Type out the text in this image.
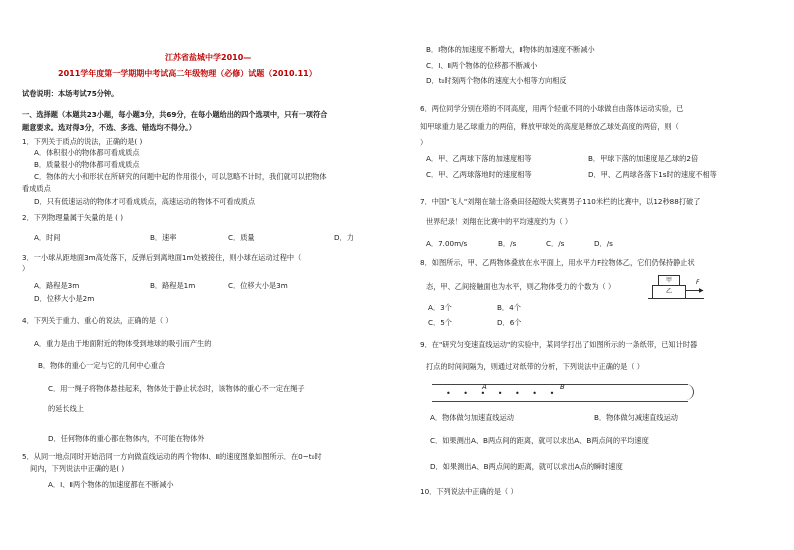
江苏省盐城中学2010—
2011学年度第一学期期中考试高二年级物理（必修）试题（2010.11）
试卷说明：本场考试75分钟。
一、选择题（本题共23小题，每小题3分，共69分，在每小题给出的四个选项中，只有一项符合
题意要求。选对得3分，不选、多选、错选均不得分。）
1．下列关于质点的说法，正确的是( )
A．体积很小的物体都可看成质点
B．质量很小的物体都可看成质点
C．物体的大小和形状在所研究的问题中起的作用很小，可以忽略不计时，我们就可以把物体
看成质点
D．只有低速运动的物体才可看成质点，高速运动的物体不可看成质点
2．下列物理量属于矢量的是 ( )
A．时间	B．速率	C．质量	D．力
3．一小球从距地面3m高处落下，反弹后到离地面1m处被接住，则小球在运动过程中（
）
A．路程是3m	B．路程是1m	C．位移大小是3m
D．位移大小是2m
4．下列关于重力、重心的说法，正确的是（ ）
A．重力是由于地面附近的物体受到地球的吸引而产生的
B．物体的重心一定与它的几何中心重合
C．用一绳子将物体悬挂起来，物体处于静止状态时，该物体的重心不一定在绳子
的延长线上
D．任何物体的重心都在物体内，不可能在物体外
5．从同一地点同时开始沿同一方向做直线运动的两个物体Ⅰ、Ⅱ的速度图象如图所示．在0~t₀时
间内，下列说法中正确的是( )
A．Ⅰ、Ⅱ两个物体的加速度都在不断减小
B．Ⅰ物体的加速度不断增大，Ⅱ物体的加速度不断减小
C．Ⅰ、Ⅱ两个物体的位移都不断减小
D．t₀时刻两个物体的速度大小相等方向相反
6．两位同学分别在塔的不同高度，用两个轻重不同的小球做自由落体运动实验，已
知甲球重力是乙球重力的两倍，释放甲球处的高度是释放乙球处高度的两倍，则（
）
A．甲、乙两球下落的加速度相等	B．甲球下落的加速度是乙球的2倍
C．甲、乙两球落地时的速度相等	D．甲、乙两球各落下1s时的速度不相等
7．中国"飞人"刘翔在瑞士洛桑田径超级大奖赛男子110米栏的比赛中，以12秒88打破了
世界纪录！刘翔在比赛中的平均速度约为（ ）
A．7.00m/s	B．/s	C．/s	D．/s
8．如图所示，甲、乙两物体叠放在水平面上，用水平力F拉物体乙，它们仍保持静止状
态，甲、乙间接触面也为水平，则乙物体受力的个数为（ ）
A．3个	B．4个
C．5个	D．6个
甲
乙	▶
F
9．在"研究匀变速直线运动"的实验中，某同学打出了如图所示的一条纸带，已知计时器
打点的时间间隔为，则通过对纸带的分析，下列说法中正确的是（ ）
• • • • • • •
A	B
A．物体做匀加速直线运动	B．物体做匀减速直线运动
C．如果测出A、B两点间的距离，就可以求出A、B两点间的平均速度
D．如果测出A、B两点间的距离，就可以求出A点的瞬时速度
10．下列说法中正确的是（ ）
